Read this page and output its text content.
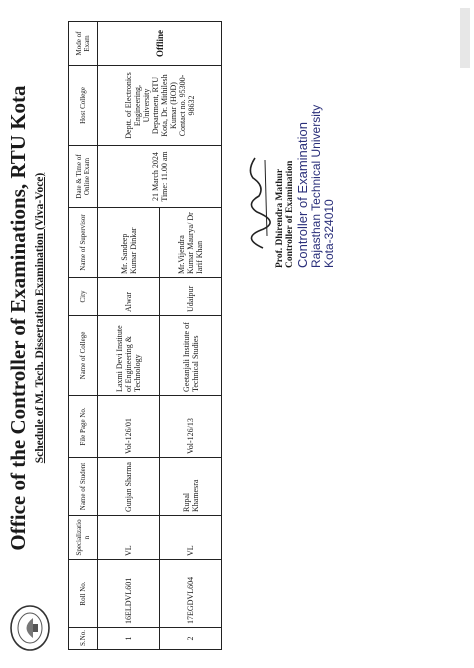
Office of the Controller of Examinations, RTU Kota Schedule of M. Tech. Dissertation Examination (Viva-Voce)

S.No.	Roll No.	Specializatio n	Name of Student	File Page No.	Name of College	City	Name of Supervisor	Date & Time of Online Exam	Host College	Mode of Exam
1	16ELDVL601	VL	Gunjan Sharma	Vol-126/01	Laxmi Devi Institute of Engineering & Technology	Alwar	Mr. Sandeep Kumar Dinkar	21 March 2024 Time: 11.00 am	Deptt. of Electronics Engineering, University Department, RTU Kota, Dr. Mithilesh Kumar (HOD) Contact no. 95300-98632	Offline
2	17EGDVL604	VL	Rupal Khamesra	Vol-126/13	Geetanjali Institute of Technical Studies	Udaipur	Mr.Vijendra Kumar Maurya/ Dr Iarif Khan				Prof. Dhirendra Mathur Controller of Examination Controller of Examination Rajasthan Technical University Kota-324010
